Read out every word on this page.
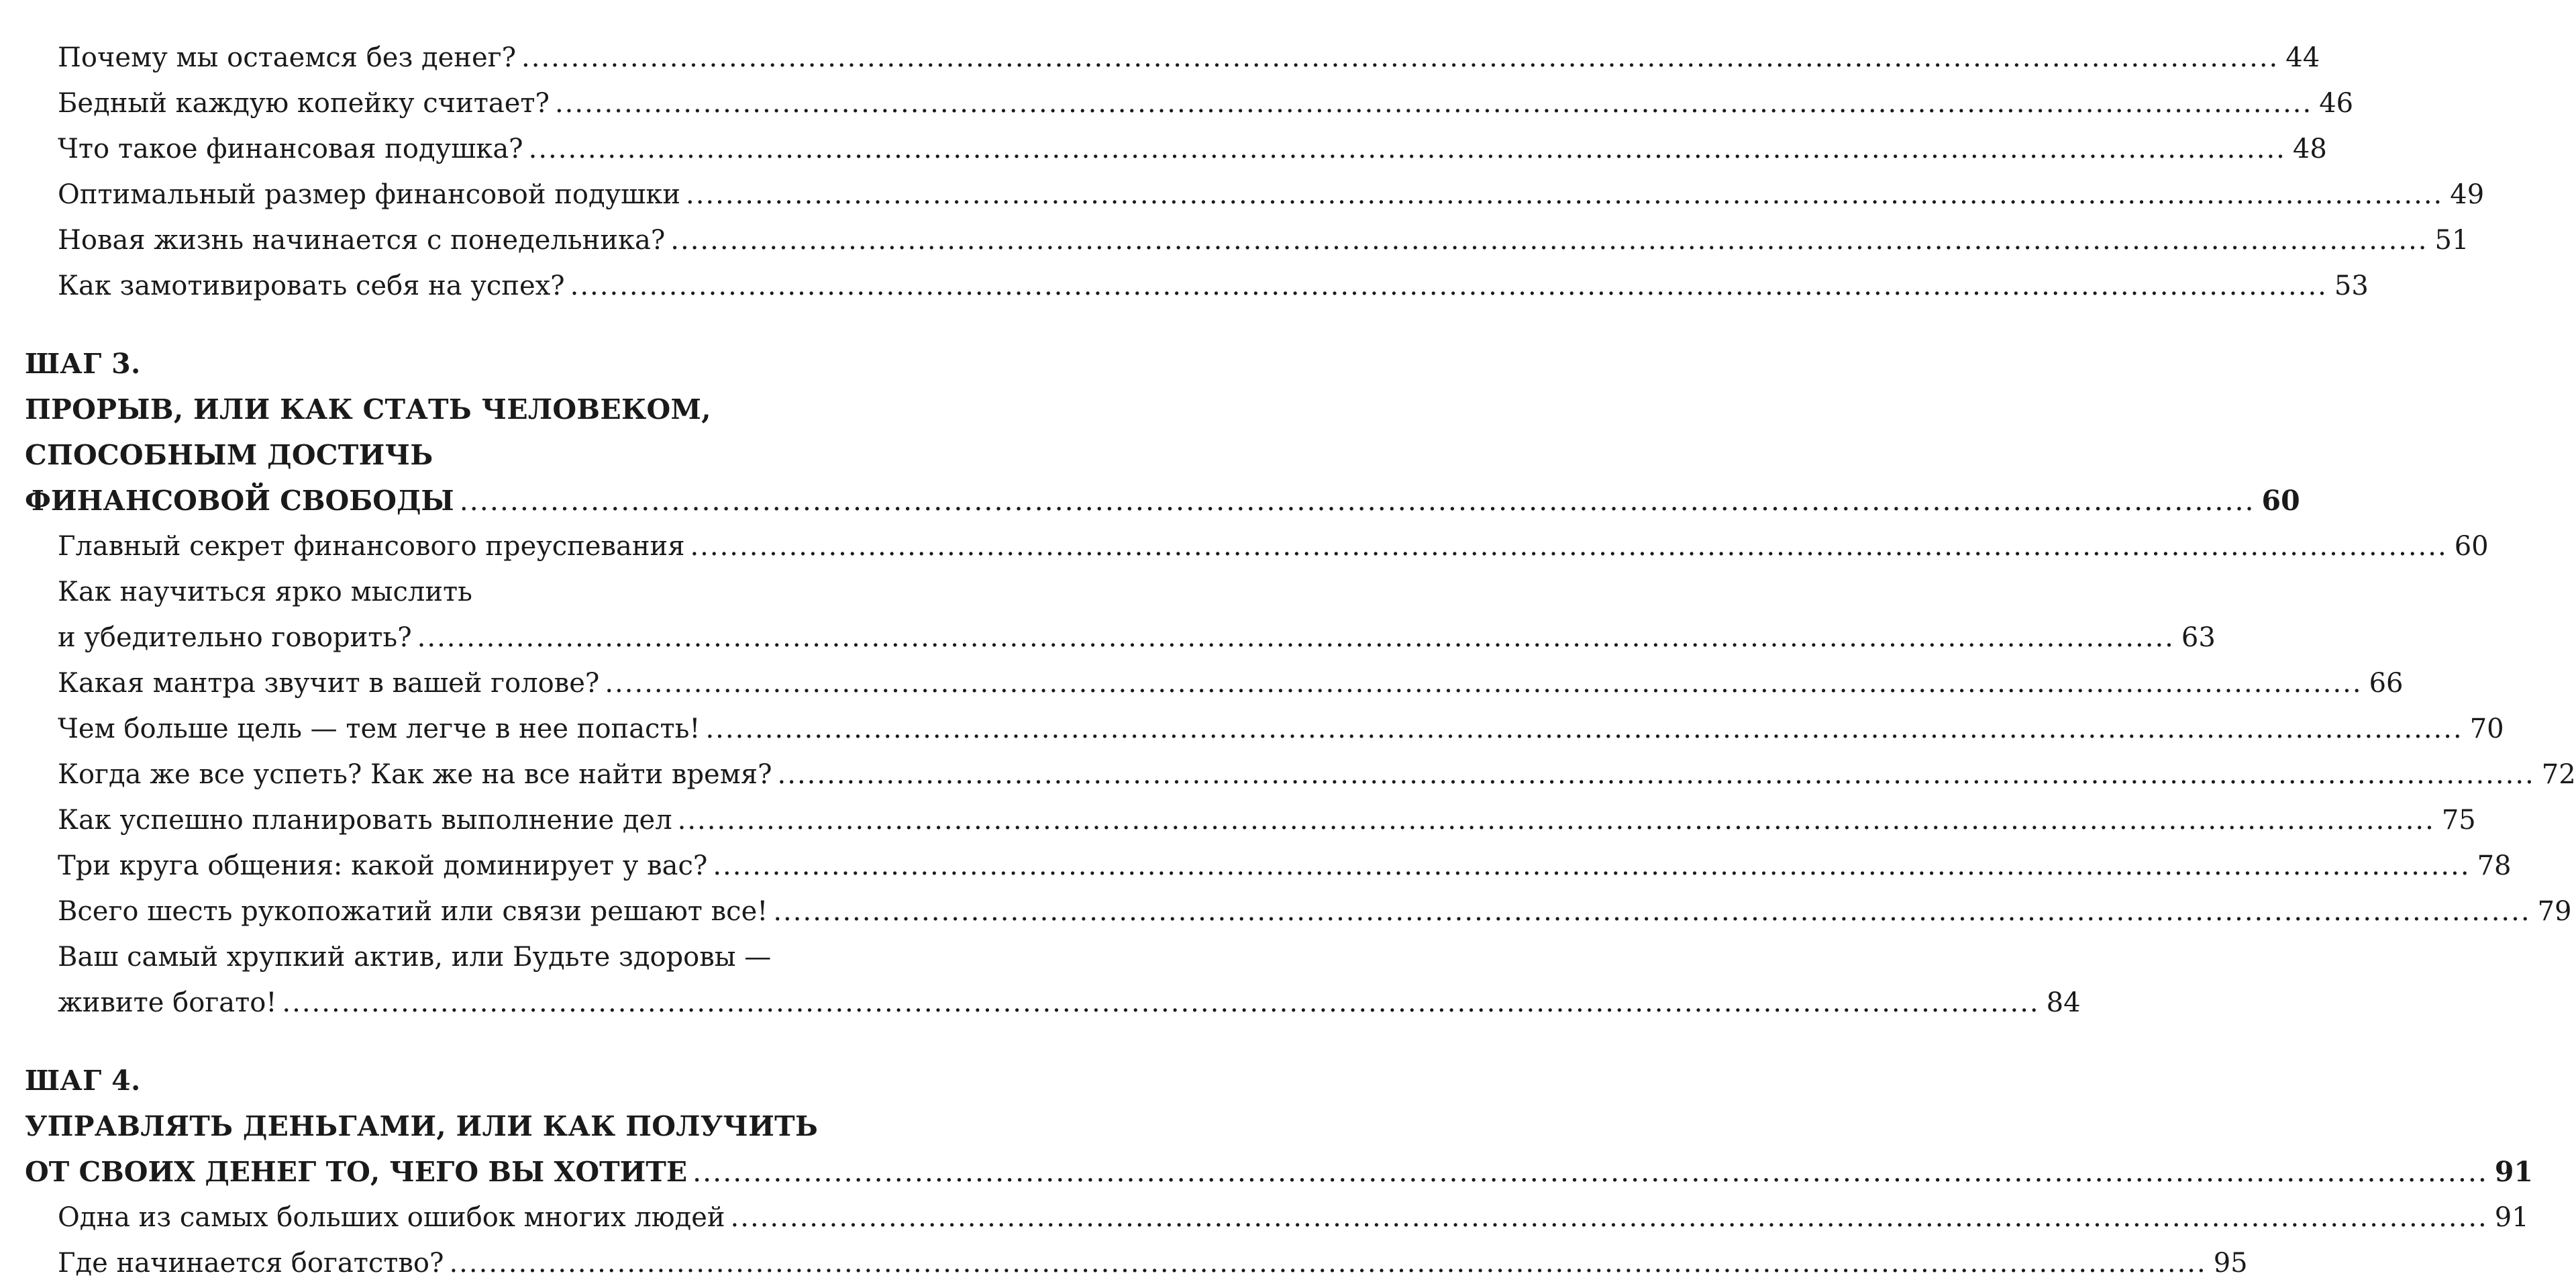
Почему мы остаемся без денег? .....	44
Бедный каждую копейку считает? .....	46
Что такое финансовая подушка? .....	48
Оптимальный размер финансовой подушки .....	49
Новая жизнь начинается с понедельника? .....	51
Как замотивировать себя на успех? .....	53
ШАГ 3.
ПРОРЫВ, ИЛИ КАК СТАТЬ ЧЕЛОВЕКОМ,
СПОСОБНЫМ ДОСТИЧЬ
ФИНАНСОВОЙ СВОБОДЫ .....	60
Главный секрет финансового преуспевания .....	60
Как научиться ярко мыслить
и убедительно говорить? .....	63
Какая мантра звучит в вашей голове? .....	66
Чем больше цель — тем легче в нее попасть! .....	70
Когда же все успеть? Как же на все найти время? .....	72
Как успешно планировать выполнение дел .....	75
Три круга общения: какой доминирует у вас? .....	78
Всего шесть рукопожатий или связи решают все! .....	79
Ваш самый хрупкий актив, или Будьте здоровы —
живите богато! .....	84
ШАГ 4.
УПРАВЛЯТЬ ДЕНЬГАМИ, ИЛИ КАК ПОЛУЧИТЬ
ОТ СВОИХ ДЕНЕГ ТО, ЧЕГО ВЫ ХОТИТЕ .....	91
Одна из самых больших ошибок многих людей .....	91
Где начинается богатство? .....	95
